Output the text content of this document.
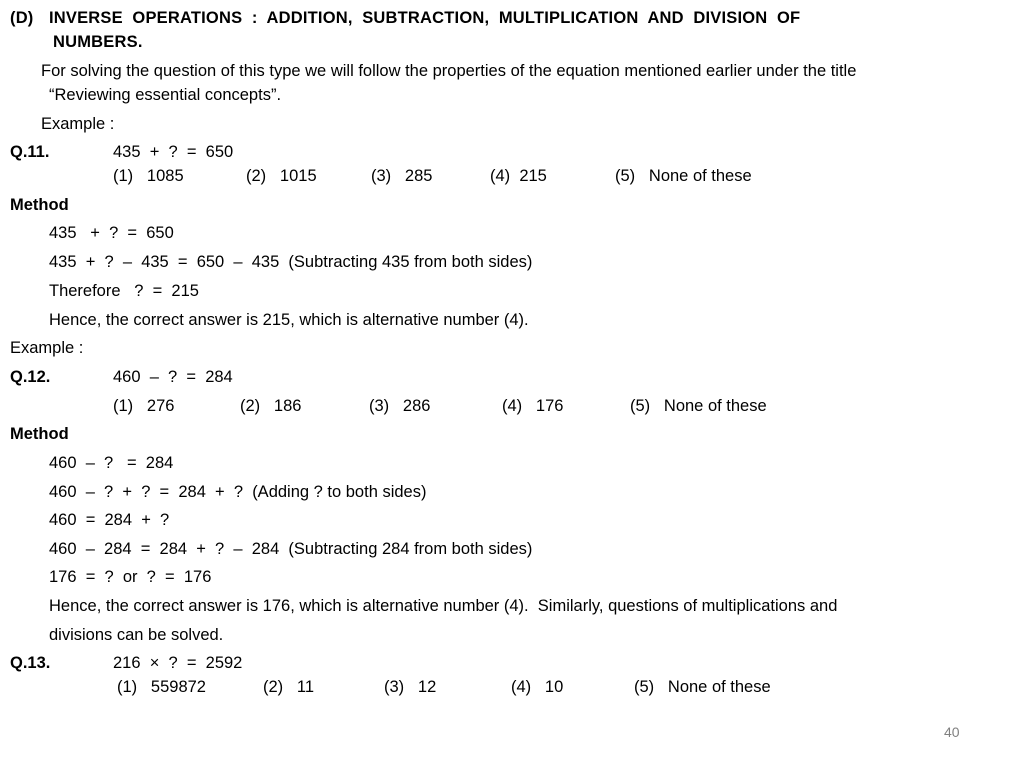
(D) INVERSE  OPERATIONS  :  ADDITION,  SUBTRACTION,  MULTIPLICATION  AND  DIVISION  OF
NUMBERS.
For solving the question of this type we will follow the properties of the equation mentioned earlier under the title
“Reviewing essential concepts”.
Example :
Q.11.	435  +  ?  =  650
(1)   1085	(2)   1015	(3)   285	(4)  215	(5)   None of these
Method
435   +  ?  =  650
435  +  ?  –  435  =  650  –  435  (Subtracting 435 from both sides)
Therefore   ?  =  215
Hence, the correct answer is 215, which is alternative number (4).
Example :
Q.12.	460  –  ?  =  284
(1)   276	(2)   186	(3)   286	(4)   176	(5)   None of these
Method
460  –  ?   =  284
460  –  ?  +  ?  =  284  +  ?  (Adding ? to both sides)
460  =  284  +  ?
460  –  284  =  284  +  ?  –  284  (Subtracting 284 from both sides)
176  =  ?  or  ?  =  176
Hence, the correct answer is 176, which is alternative number (4).  Similarly, questions of multiplications and
divisions can be solved.
Q.13.	216  ×  ?  =  2592
(1)   559872	(2)   11	(3)   12	(4)   10	(5)   None of these
40
